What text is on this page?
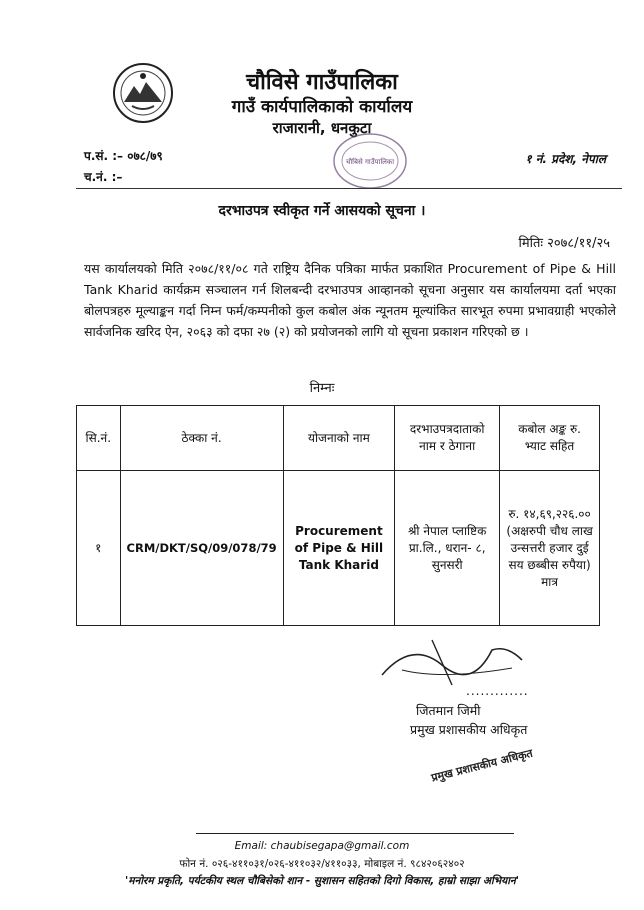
चौविसे गाउँपालिका
गाउँ कार्यपालिकाको कार्यालय
राजारानी, धनकुटा
प.सं. :– ०७८/७९
च.नं. :–
१ नं. प्रदेश, नेपाल
चौबिसे गाउँपालिका
दरभाउपत्र स्वीकृत गर्ने आसयको सूचना ।
मितिः २०७८/११/२५
यस कार्यालयको मिति २०७८/११/०८ गते राष्ट्रिय दैनिक पत्रिका मार्फत प्रकाशित Procurement of Pipe & Hill Tank Kharid कार्यक्रम सञ्चालन गर्न शिलबन्दी दरभाउपत्र आव्हानको सूचना अनुसार यस कार्यालयमा दर्ता भएका बोलपत्रहरु मूल्याङ्कन गर्दा निम्न फर्म/कम्पनीको कुल कबोल अंक न्यूनतम मूल्यांकित सारभूत रुपमा प्रभावग्राही भएकोले सार्वजनिक खरिद ऐन, २०६३ को दफा २७ (२) को प्रयोजनको लागि यो सूचना प्रकाशन गरिएको छ ।
निम्नः
सि.नं.	ठेक्का नं.	योजनाको नाम	दरभाउपत्रदाताको नाम र ठेगाना	कबोल अङ्क रु. भ्याट सहित
१	CRM/DKT/SQ/09/078/79	Procurement of Pipe & Hill Tank Kharid	श्री नेपाल प्लाष्टिक प्रा.लि., धरान- ८, सुनसरी	रु. १४,६९,२२६.०० (अक्षरुपी चौध लाख उन्सत्तरी हजार दुई सय छब्बीस रुपैया) मात्र
.............
जितमान जिमी
प्रमुख प्रशासकीय अधिकृत
प्रमुख प्रशासकीय अधिकृत
Email: chaubisegapa@gmail.com
फोन नं. ०२६-४११०३१/०२६-४११०३२/४११०३३, मोबाइल नं. ९८४२०६२४०२
'मनोरम प्रकृति, पर्यटकीय स्थल चौबिसेको शान - सुशासन सहितको दिगो विकास, हाम्रो साझा अभियान'
